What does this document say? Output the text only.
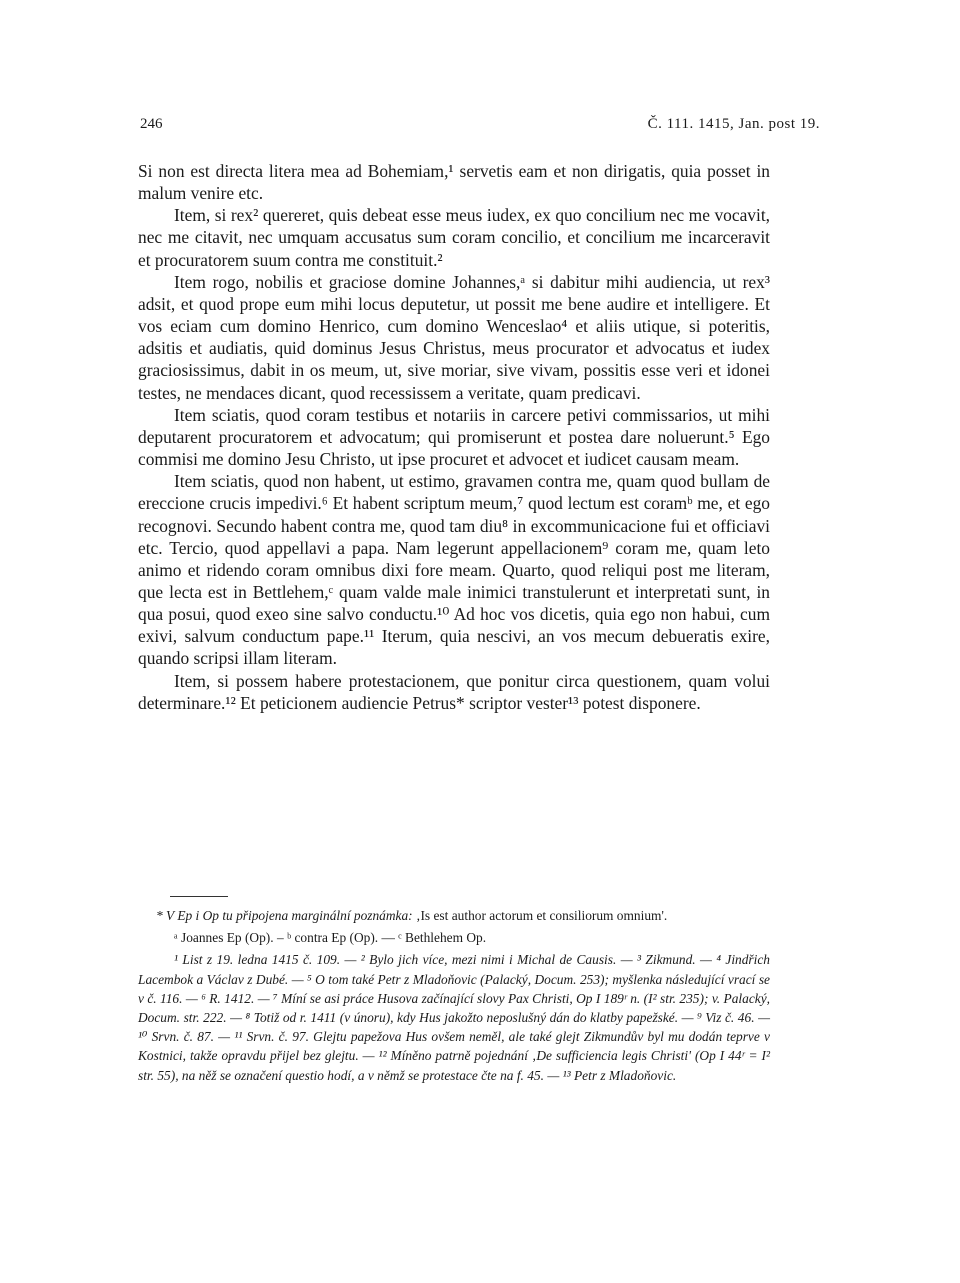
246	Č. 111. 1415, Jan. post 19.

Si non est directa litera mea ad Bohemiam,¹ servetis eam et non dirigatis, quia posset in malum venire etc.

Item, si rex² quereret, quis debeat esse meus iudex, ex quo concilium nec me vocavit, nec me citavit, nec umquam accusatus sum coram concilio, et concilium me incarceravit et procuratorem suum contra me constituit.²

Item rogo, nobilis et graciose domine Johannes,ᵃ si dabitur mihi audiencia, ut rex³ adsit, et quod prope eum mihi locus deputetur, ut possit me bene audire et intelligere. Et vos eciam cum domino Henrico, cum domino Wenceslao⁴ et aliis utique, si poteritis, adsitis et audiatis, quid dominus Jesus Christus, meus procurator et advocatus et iudex graciosissimus, dabit in os meum, ut, sive moriar, sive vivam, possitis esse veri et idonei testes, ne mendaces dicant, quod recessissem a veritate, quam predicavi.

Item sciatis, quod coram testibus et notariis in carcere petivi commissarios, ut mihi deputarent procuratorem et advocatum; qui promiserunt et postea dare noluerunt.⁵ Ego commisi me domino Jesu Christo, ut ipse procuret et advocet et iudicet causam meam.

Item sciatis, quod non habent, ut estimo, gravamen contra me, quam quod bullam de ereccione crucis impedivi.⁶ Et habent scriptum meum,⁷ quod lectum est coramᵇ me, et ego recognovi. Secundo habent contra me, quod tam diu⁸ in excommunicacione fui et officiavi etc. Tercio, quod appellavi a papa. Nam legerunt appellacionem⁹ coram me, quam leto animo et ridendo coram omnibus dixi fore meam. Quarto, quod reliqui post me literam, que lecta est in Bettlehem,ᶜ quam valde male inimici transtulerunt et interpretati sunt, in qua posui, quod exeo sine salvo conductu.¹⁰ Ad hoc vos dicetis, quia ego non habui, cum exivi, salvum conductum pape.¹¹ Iterum, quia nescivi, an vos mecum debueratis exire, quando scripsi illam literam.

Item, si possem habere protestacionem, que ponitur circa questionem, quam volui determinare.¹² Et peticionem audiencie Petrus* scriptor vester¹³ potest disponere.

* V Ep i Op tu připojena marginální poznámka: ‚Is est author actorum et consiliorum omnium'.

ᵃ Joannes Ep (Op). – ᵇ contra Ep (Op). — ᶜ Bethlehem Op.

¹ List z 19. ledna 1415 č. 109. — ² Bylo jich více, mezi nimi i Michal de Causis. — ³ Zikmund. — ⁴ Jindřich Lacembok a Václav z Dubé. — ⁵ O tom také Petr z Mladoňovic (Palacký, Docum. 253); myšlenka následující vrací se v č. 116. — ⁶ R. 1412. — ⁷ Míní se asi práce Husova začínající slovy Pax Christi, Op I 189ʳ n. (I² str. 235); v. Palacký, Docum. str. 222. — ⁸ Totiž od r. 1411 (v únoru), kdy Hus jakožto neposlušný dán do klatby papežské. — ⁹ Viz č. 46. — ¹⁰ Srvn. č. 87. — ¹¹ Srvn. č. 97. Glejtu papežova Hus ovšem neměl, ale také glejt Zikmundův byl mu dodán teprve v Kostnici, takže opravdu přijel bez glejtu. — ¹² Míněno patrně pojednání ‚De sufficiencia legis Christi' (Op I 44ʳ = I² str. 55), na něž se označení questio hodí, a v němž se protestace čte na f. 45. — ¹³ Petr z Mladoňovic.
